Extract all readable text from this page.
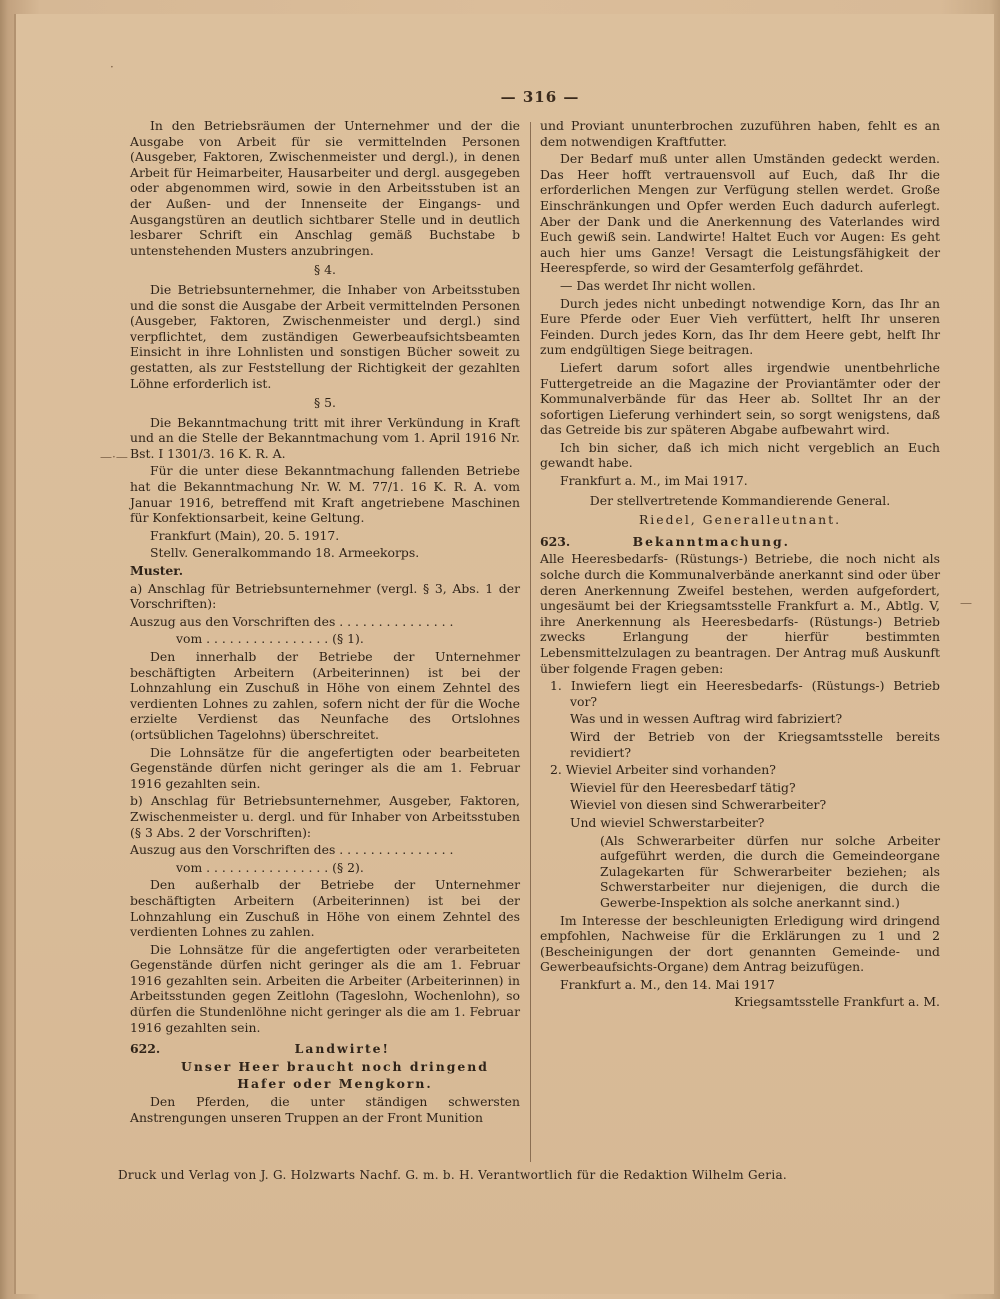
— 316 —

In den Betriebsräumen der Unternehmer und der die Ausgabe von Arbeit für sie vermittelnden Personen (Ausgeber, Faktoren, Zwischenmeister und dergl.), in denen Arbeit für Heimarbeiter, Hausarbeiter und dergl. ausgegeben oder abgenommen wird, sowie in den Arbeitsstuben ist an der Außen- und der Innenseite der Eingangs- und Ausgangstüren an deutlich sichtbarer Stelle und in deutlich lesbarer Schrift ein Anschlag gemäß Buchstabe b untenstehenden Musters anzubringen.

§ 4.

Die Betriebsunternehmer, die Inhaber von Arbeitsstuben und die sonst die Ausgabe der Arbeit vermittelnden Personen (Ausgeber, Faktoren, Zwischenmeister und dergl.) sind verpflichtet, dem zuständigen Gewerbeaufsichtsbeamten Einsicht in ihre Lohnlisten und sonstigen Bücher soweit zu gestatten, als zur Feststellung der Richtigkeit der gezahlten Löhne erforderlich ist.

§ 5.

Die Bekanntmachung tritt mit ihrer Verkündung in Kraft und an die Stelle der Bekanntmachung vom 1. April 1916 Nr. Bst. I 1301/3. 16 K. R. A.

Für die unter diese Bekanntmachung fallenden Betriebe hat die Bekanntmachung Nr. W. M. 77/1. 16 K. R. A. vom Januar 1916, betreffend mit Kraft angetriebene Maschinen für Konfektionsarbeit, keine Geltung.

Frankfurt (Main), 20. 5. 1917.

Stellv. Generalkommando 18. Armeekorps.

Muster.

a) Anschlag für Betriebsunternehmer (vergl. § 3, Abs. 1 der Vorschriften):

Auszug aus den Vorschriften des . . . . . . . . . . . . . . .

vom . . . . . . . . . . . . . . . . (§ 1).

Den innerhalb der Betriebe der Unternehmer beschäftigten Arbeitern (Arbeiterinnen) ist bei der Lohnzahlung ein Zuschuß in Höhe von einem Zehntel des verdienten Lohnes zu zahlen, sofern nicht der für die Woche erzielte Verdienst das Neunfache des Ortslohnes (ortsüblichen Tagelohns) überschreitet.

Die Lohnsätze für die angefertigten oder bearbeiteten Gegenstände dürfen nicht geringer als die am 1. Februar 1916 gezahlten sein.

b) Anschlag für Betriebsunternehmer, Ausgeber, Faktoren, Zwischenmeister u. dergl. und für Inhaber von Arbeitsstuben (§ 3 Abs. 2 der Vorschriften):

Auszug aus den Vorschriften des . . . . . . . . . . . . . . .

vom . . . . . . . . . . . . . . . . (§ 2).

Den außerhalb der Betriebe der Unternehmer beschäftigten Arbeitern (Arbeiterinnen) ist bei der Lohnzahlung ein Zuschuß in Höhe von einem Zehntel des verdienten Lohnes zu zahlen.

Die Lohnsätze für die angefertigten oder verarbeiteten Gegenstände dürfen nicht geringer als die am 1. Februar 1916 gezahlten sein. Arbeiten die Arbeiter (Arbeiterinnen) in Arbeitsstunden gegen Zeitlohn (Tageslohn, Wochenlohn), so dürfen die Stundenlöhne nicht geringer als die am 1. Februar 1916 gezahlten sein.

622.	Landwirte!

Unser Heer braucht noch dringend

Hafer oder Mengkorn.

Den Pferden, die unter ständigen schwersten Anstrengungen unseren Truppen an der Front Munition

und Proviant ununterbrochen zuzuführen haben, fehlt es an dem notwendigen Kraftfutter.

Der Bedarf muß unter allen Umständen gedeckt werden. Das Heer hofft vertrauensvoll auf Euch, daß Ihr die erforderlichen Mengen zur Verfügung stellen werdet. Große Einschränkungen und Opfer werden Euch dadurch auferlegt. Aber der Dank und die Anerkennung des Vaterlandes wird Euch gewiß sein. Landwirte! Haltet Euch vor Augen: Es geht auch hier ums Ganze! Versagt die Leistungsfähigkeit der Heerespferde, so wird der Gesamterfolg gefährdet.

— Das werdet Ihr nicht wollen.

Durch jedes nicht unbedingt notwendige Korn, das Ihr an Eure Pferde oder Euer Vieh verfüttert, helft Ihr unseren Feinden. Durch jedes Korn, das Ihr dem Heere gebt, helft Ihr zum endgültigen Siege beitragen.

Liefert darum sofort alles irgendwie unentbehrliche Futtergetreide an die Magazine der Proviantämter oder der Kommunalverbände für das Heer ab. Solltet Ihr an der sofortigen Lieferung verhindert sein, so sorgt wenigstens, daß das Getreide bis zur späteren Abgabe aufbewahrt wird.

Ich bin sicher, daß ich mich nicht vergeblich an Euch gewandt habe.

Frankfurt a. M., im Mai 1917.

Der stellvertretende Kommandierende General.

Riedel, Generalleutnant.

623.	Bekanntmachung.

Alle Heeresbedarfs- (Rüstungs-) Betriebe, die noch nicht als solche durch die Kommunalverbände anerkannt sind oder über deren Anerkennung Zweifel bestehen, werden aufgefordert, ungesäumt bei der Kriegsamtsstelle Frankfurt a. M., Abtlg. V, ihre Anerkennung als Heeresbedarfs- (Rüstungs-) Betrieb zwecks Erlangung der hierfür bestimmten Lebensmittelzulagen zu beantragen. Der Antrag muß Auskunft über folgende Fragen geben:

1. Inwiefern liegt ein Heeresbedarfs- (Rüstungs-) Betrieb vor?

Was und in wessen Auftrag wird fabriziert?

Wird der Betrieb von der Kriegsamtsstelle bereits revidiert?

2. Wieviel Arbeiter sind vorhanden?

Wieviel für den Heeresbedarf tätig?

Wieviel von diesen sind Schwerarbeiter?

Und wieviel Schwerstarbeiter?

(Als Schwerarbeiter dürfen nur solche Arbeiter aufgeführt werden, die durch die Gemeindeorgane Zulagekarten für Schwerarbeiter beziehen; als Schwerstarbeiter nur diejenigen, die durch die Gewerbe-Inspektion als solche anerkannt sind.)

Im Interesse der beschleunigten Erledigung wird dringend empfohlen, Nachweise für die Erklärungen zu 1 und 2 (Bescheinigungen der dort genannten Gemeinde- und Gewerbeaufsichts-Organe) dem Antrag beizufügen.

Frankfurt a. M., den 14. Mai 1917

Kriegsamtsstelle Frankfurt a. M.

Druck und Verlag von J. G. Holzwarts Nachf. G. m. b. H. Verantwortlich für die Redaktion Wilhelm Geria.
—·—
—
·
